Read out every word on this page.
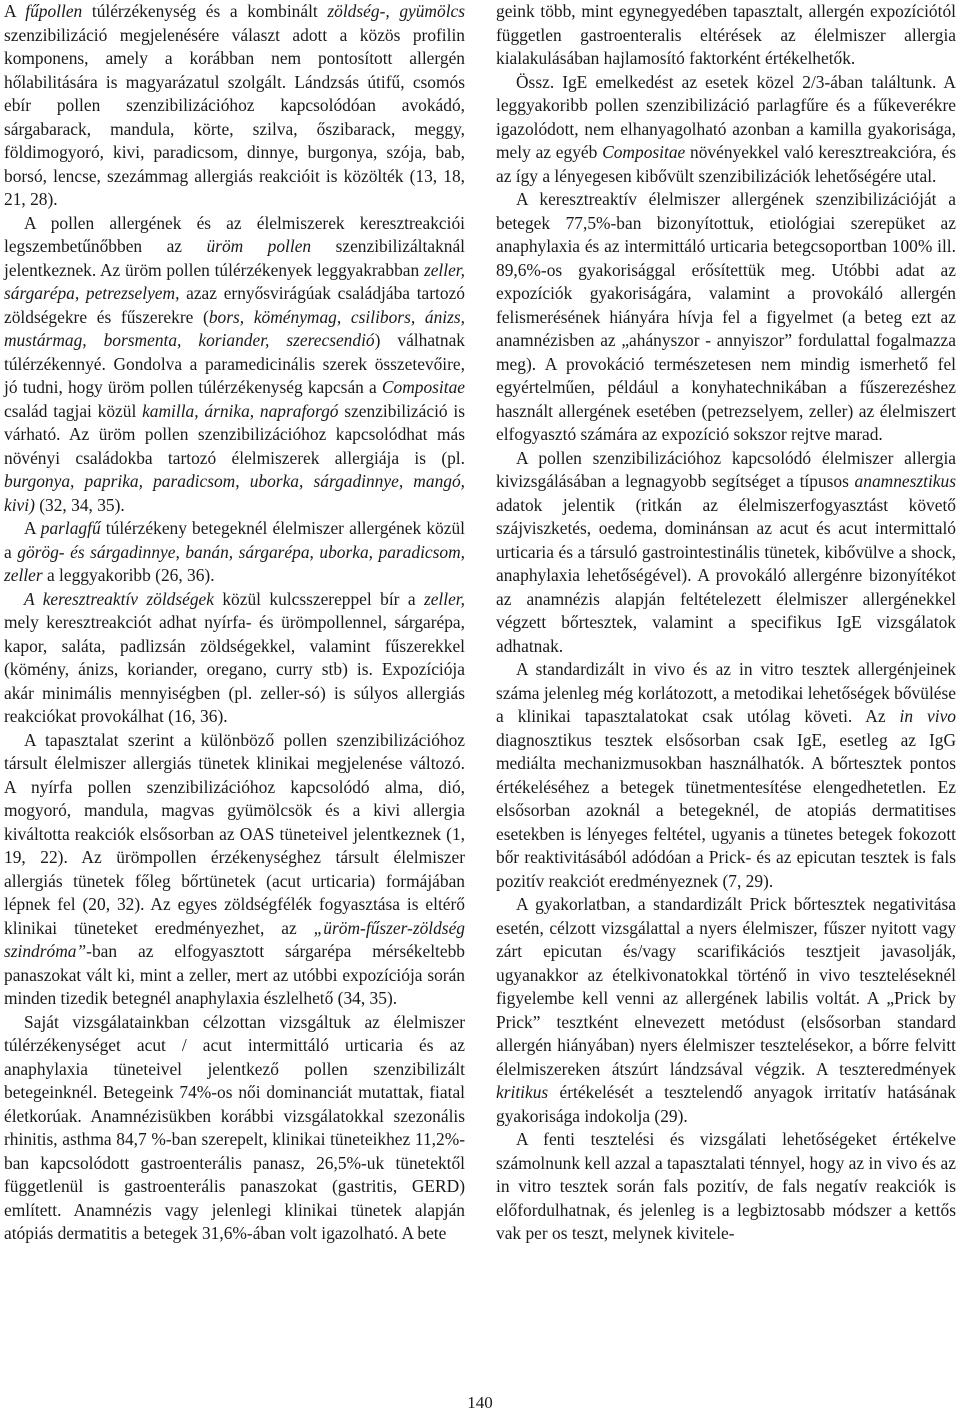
A fűpollen túlérzékenység és a kombinált zöldség-, gyümölcs szenzibilizáció megjelenésére választ adott a közös profilin komponens, amely a korábban nem pontosított allergén hőlabilitására is magyarázatul szolgált. Lándzsás útifű, csomós ebír pollen szenzibilizációhoz kapcsolódóan avokádó, sárgabarack, mandula, körte, szilva, őszibarack, meggy, földimogyoró, kivi, paradicsom, dinnye, burgonya, szója, bab, borsó, lencse, szezámmag allergiás reakcióit is közölték (13, 18, 21, 28).

A pollen allergének és az élelmiszerek keresztreakciói legszembetűnőbben az üröm pollen szenzibilizáltaknál jelentkeznek. Az üröm pollen túlérzékenyek leggyakrabban zeller, sárgarépa, petrezselyem, azaz ernyősvirágúak családjába tartozó zöldségekre és fűszerekre (bors, köménymag, csilibors, ánizs, mustármag, borsmenta, koriander, szerecsendió) válhatnak túlérzékennyé. Gondolva a paramedicinális szerek összetevőire, jó tudni, hogy üröm pollen túlérzékenység kapcsán a Compositae család tagjai közül kamilla, árnika, napraforgó szenzibilizáció is várható. Az üröm pollen szenzibilizációhoz kapcsolódhat más növényi családokba tartozó élelmiszerek allergiája is (pl. burgonya, paprika, paradicsom, uborka, sárgadinnye, mangó, kivi) (32, 34, 35).

A parlagfű túlérzékeny betegeknél élelmiszer allergének közül a görög- és sárgadinnye, banán, sárgarépa, uborka, paradicsom, zeller a leggyakoribb (26, 36).

A keresztreaktív zöldségek közül kulcsszereppel bír a zeller, mely keresztreakciót adhat nyírfa- és ürömpollennel, sárgarépa, kapor, saláta, padlizsán zöldségekkel, valamint fűszerekkel (kömény, ánizs, koriander, oregano, curry stb) is. Expozíciója akár minimális mennyiségben (pl. zeller-só) is súlyos allergiás reakciókat provokálhat (16, 36).

A tapasztalat szerint a különböző pollen szenzibilizációhoz társult élelmiszer allergiás tünetek klinikai megjelenése változó. A nyírfa pollen szenzibilizációhoz kapcsolódó alma, dió, mogyoró, mandula, magvas gyümölcsök és a kivi allergia kiváltotta reakciók elsősorban az OAS tüneteivel jelentkeznek (1, 19, 22). Az ürömpollen érzékenységhez társult élelmiszer allergiás tünetek főleg bőrtünetek (acut urticaria) formájában lépnek fel (20, 32). Az egyes zöldségfélék fogyasztása is eltérő klinikai tüneteket eredményezhet, az „üröm-fűszer-zöldség szindróma”-ban az elfogyasztott sárgarépa mérsékeltebb panaszokat vált ki, mint a zeller, mert az utóbbi expozíciója során minden tizedik betegnél anaphylaxia észlelhető (34, 35).

Saját vizsgálatainkban célzottan vizsgáltuk az élelmiszer túlérzékenységet acut / acut intermittáló urticaria és az anaphylaxia tüneteivel jelentkező pollen szenzibilizált betegeinknél. Betegeink 74%-os női dominanciát mutattak, fiatal életkorúak. Anamnézisükben korábbi vizsgálatokkal szezonális rhinitis, asthma 84,7 %-ban szerepelt, klinikai tüneteikhez 11,2%-ban kapcsolódott gastroenterális panasz, 26,5%-uk tünetektől függetlenül is gastroenterális panaszokat (gastritis, GERD) említett. Anamnézis vagy jelenlegi klinikai tünetek alapján atópiás dermatitis a betegek 31,6%-ában volt igazolható. A bete

geink több, mint egynegyedében tapasztalt, allergén expozíciótól független gastroenteralis eltérések az élelmiszer allergia kialakulásában hajlamosító faktorként értékelhetők.

Össz. IgE emelkedést az esetek közel 2/3-ában találtunk. A leggyakoribb pollen szenzibilizáció parlagfűre és a fűkeverékre igazolódott, nem elhanyagolható azonban a kamilla gyakorisága, mely az egyéb Compositae növényekkel való keresztreakcióra, és az így a lényegesen kibővült szenzibilizációk lehetőségére utal.

A keresztreaktív élelmiszer allergének szenzibilizációját a betegek 77,5%-ban bizonyítottuk, etiológiai szerepüket az anaphylaxia és az intermittáló urticaria betegcsoportban 100% ill. 89,6%-os gyakorisággal erősítettük meg. Utóbbi adat az expozíciók gyakoriságára, valamint a provokáló allergén felismerésének hiányára hívja fel a figyelmet (a beteg ezt az anamnézisben az „ahányszor - annyiszor” fordulattal fogalmazza meg). A provokáció természetesen nem mindig ismerhető fel egyértelműen, például a konyhatechnikában a fűszerezéshez használt allergének esetében (petrezselyem, zeller) az élelmiszert elfogyasztó számára az expozíció sokszor rejtve marad.

A pollen szenzibilizációhoz kapcsolódó élelmiszer allergia kivizsgálásában a legnagyobb segítséget a típusos anamnesztikus adatok jelentik (ritkán az élelmiszerfogyasztást követő szájviszketés, oedema, dominánsan az acut és acut intermittaló urticaria és a társuló gastrointestinális tünetek, kibővülve a shock, anaphylaxia lehetőségével). A provokáló allergénre bizonyítékot az anamnézis alapján feltételezett élelmiszer allergénekkel végzett bőrtesztek, valamint a specifikus IgE vizsgálatok adhatnak.

A standardizált in vivo és az in vitro tesztek allergénjeinek száma jelenleg még korlátozott, a metodikai lehetőségek bővülése a klinikai tapasztalatokat csak utólag követi. Az in vivo diagnosztikus tesztek elsősorban csak IgE, esetleg az IgG mediálta mechanizmusokban használhatók. A bőrtesztek pontos értékeléséhez a betegek tünetmentesítése elengedhetetlen. Ez elsősorban azoknál a betegeknél, de atopiás dermatitises esetekben is lényeges feltétel, ugyanis a tünetes betegek fokozott bőr reaktivitásából adódóan a Prick- és az epicutan tesztek is fals pozitív reakciót eredményeznek (7, 29).

A gyakorlatban, a standardizált Prick bőrtesztek negativitása esetén, célzott vizsgálattal a nyers élelmiszer, fűszer nyitott vagy zárt epicutan és/vagy scarifikációs tesztjeit javasolják, ugyanakkor az ételkivonatokkal történő in vivo teszteléseknél figyelembe kell venni az allergének labilis voltát. A „Prick by Prick” tesztként elnevezett metódust (elsősorban standard allergén hiányában) nyers élelmiszer tesztelésekor, a bőrre felvitt élelmiszereken átszúrt lándzsával végzik. A teszteredmények kritikus értékelését a tesztelendő anyagok irritatív hatásának gyakorisága indokolja (29).

A fenti tesztelési és vizsgálati lehetőségeket értékelve számolnunk kell azzal a tapasztalati ténnyel, hogy az in vivo és az in vitro tesztek során fals pozitív, de fals negatív reakciók is előfordulhatnak, és jelenleg is a legbiztosabb módszer a kettős vak per os teszt, melynek kivitele-

140
